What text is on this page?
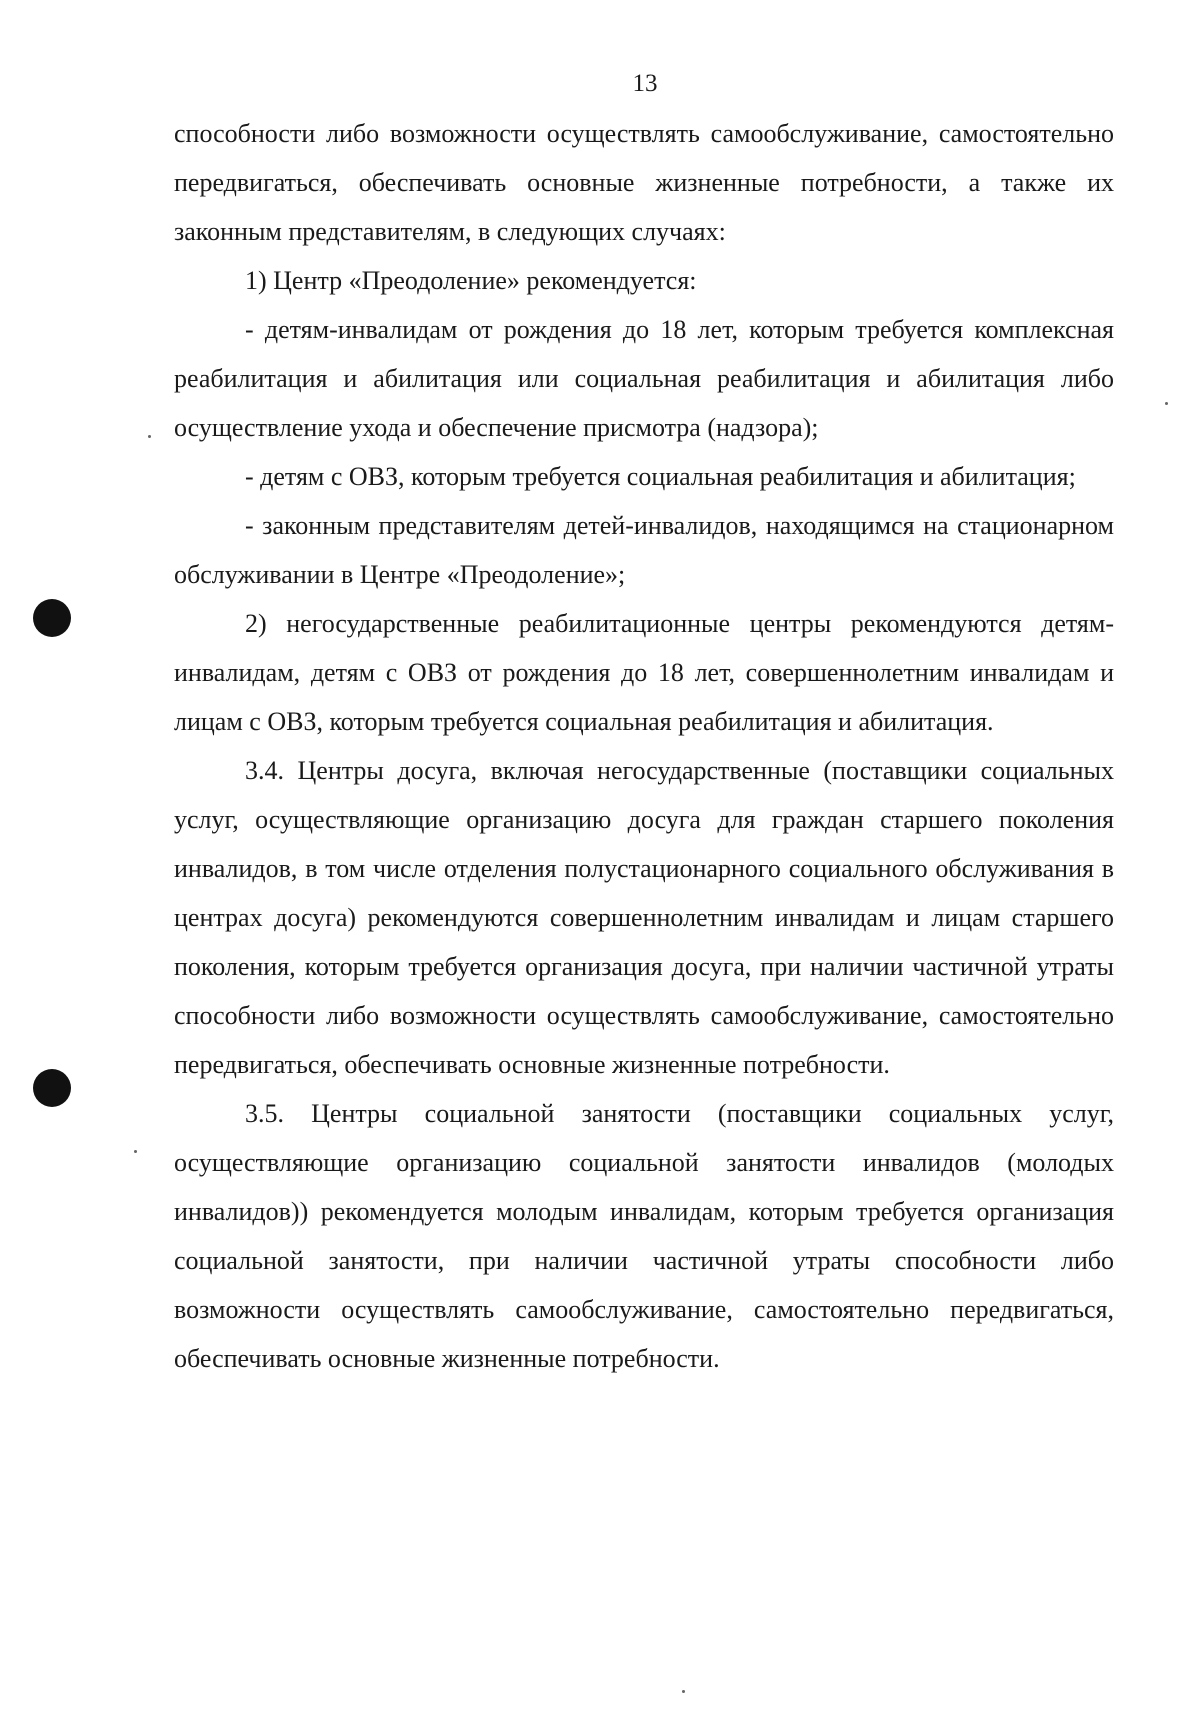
13

способности либо возможности осуществлять самообслуживание, самостоятельно передвигаться, обеспечивать основные жизненные потребности, а также их законным представителям, в следующих случаях:

1) Центр «Преодоление» рекомендуется:

- детям-инвалидам от рождения до 18 лет, которым требуется комплексная реабилитация и абилитация или социальная реабилитация и абилитация либо осуществление ухода и обеспечение присмотра (надзора);

- детям с ОВЗ, которым требуется социальная реабилитация и абилитация;

- законным представителям детей-инвалидов, находящимся на стационарном обслуживании в Центре «Преодоление»;

2) негосударственные реабилитационные центры рекомендуются детям-инвалидам, детям с ОВЗ от рождения до 18 лет, совершеннолетним инвалидам и лицам с ОВЗ, которым требуется социальная реабилитация и абилитация.

3.4. Центры досуга, включая негосударственные (поставщики социальных услуг, осуществляющие организацию досуга для граждан старшего поколения инвалидов, в том числе отделения полустационарного социального обслуживания в центрах досуга) рекомендуются совершеннолетним инвалидам и лицам старшего поколения, которым требуется организация досуга, при наличии частичной утраты способности либо возможности осуществлять самообслуживание, самостоятельно передвигаться, обеспечивать основные жизненные потребности.

3.5. Центры социальной занятости (поставщики социальных услуг, осуществляющие организацию социальной занятости инвалидов (молодых инвалидов)) рекомендуется молодым инвалидам, которым требуется организация социальной занятости, при наличии частичной утраты способности либо возможности осуществлять самообслуживание, самостоятельно передвигаться, обеспечивать основные жизненные потребности.
